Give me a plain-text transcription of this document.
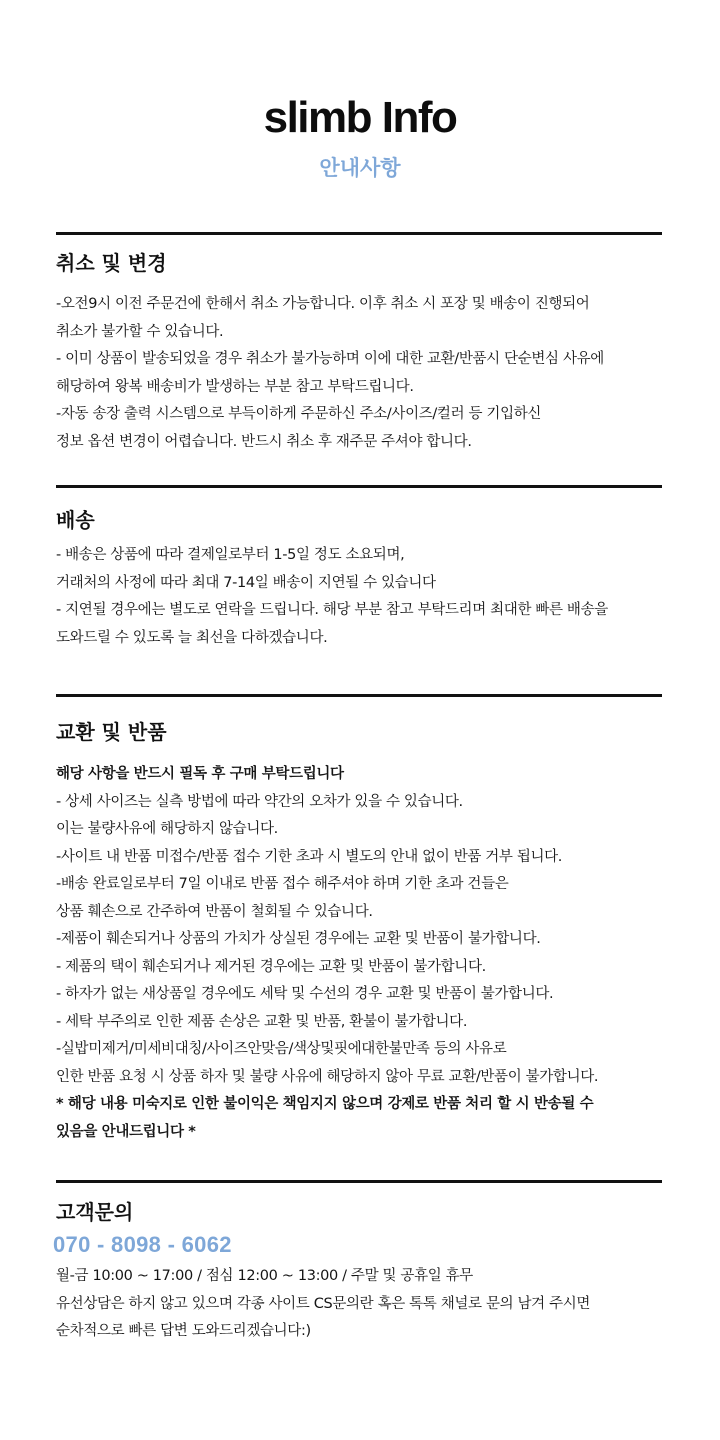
slimb Info
안내사항
취소 및 변경
-오전9시 이전 주문건에 한해서 취소 가능합니다. 이후 취소 시 포장 및 배송이 진행되어
취소가 불가할 수 있습니다.
- 이미 상품이 발송되었을 경우 취소가 불가능하며 이에 대한 교환/반품시 단순변심 사유에
해당하여 왕복 배송비가 발생하는 부분 참고 부탁드립니다.
-자동 송장 출력 시스템으로 부득이하게 주문하신 주소/사이즈/컬러 등 기입하신
정보 옵션 변경이 어렵습니다. 반드시 취소 후 재주문 주셔야 합니다.
배송
- 배송은 상품에 따라 결제일로부터 1-5일 정도 소요되며,
거래처의 사정에 따라 최대 7-14일 배송이 지연될 수 있습니다
- 지연될 경우에는 별도로 연락을 드립니다. 해당 부분 참고 부탁드리며 최대한 빠른 배송을
도와드릴 수 있도록 늘 최선을 다하겠습니다.
교환 및 반품
해당 사항을 반드시 필독 후 구매 부탁드립니다
- 상세 사이즈는 실측 방법에 따라 약간의 오차가 있을 수 있습니다.
이는 불량사유에 해당하지 않습니다.
-사이트 내 반품 미접수/반품 접수 기한 초과 시 별도의 안내 없이 반품 거부 됩니다.
-배송 완료일로부터 7일 이내로 반품 접수 해주셔야 하며 기한 초과 건들은
상품 훼손으로 간주하여 반품이 철회될 수 있습니다.
-제품이 훼손되거나 상품의 가치가 상실된 경우에는 교환 및 반품이 불가합니다.
- 제품의 택이 훼손되거나 제거된 경우에는 교환 및 반품이 불가합니다.
- 하자가 없는 새상품일 경우에도 세탁 및 수선의 경우 교환 및 반품이 불가합니다.
- 세탁 부주의로 인한 제품 손상은 교환 및 반품, 환불이 불가합니다.
-실밥미제거/미세비대칭/사이즈안맞음/색상및핏에대한불만족 등의 사유로
인한 반품 요청 시 상품 하자 및 불량 사유에 해당하지 않아 무료 교환/반품이 불가합니다.
* 해당 내용 미숙지로 인한 불이익은 책임지지 않으며 강제로 반품 처리 할 시 반송될 수
있음을 안내드립니다 *
고객문의
070 - 8098 - 6062
월-금 10:00 ~ 17:00 / 점심 12:00 ~ 13:00 / 주말 및 공휴일 휴무
유선상담은 하지 않고 있으며 각종 사이트 CS문의란 혹은 톡톡 채널로 문의 남겨 주시면
순차적으로 빠른 답변 도와드리겠습니다:)
